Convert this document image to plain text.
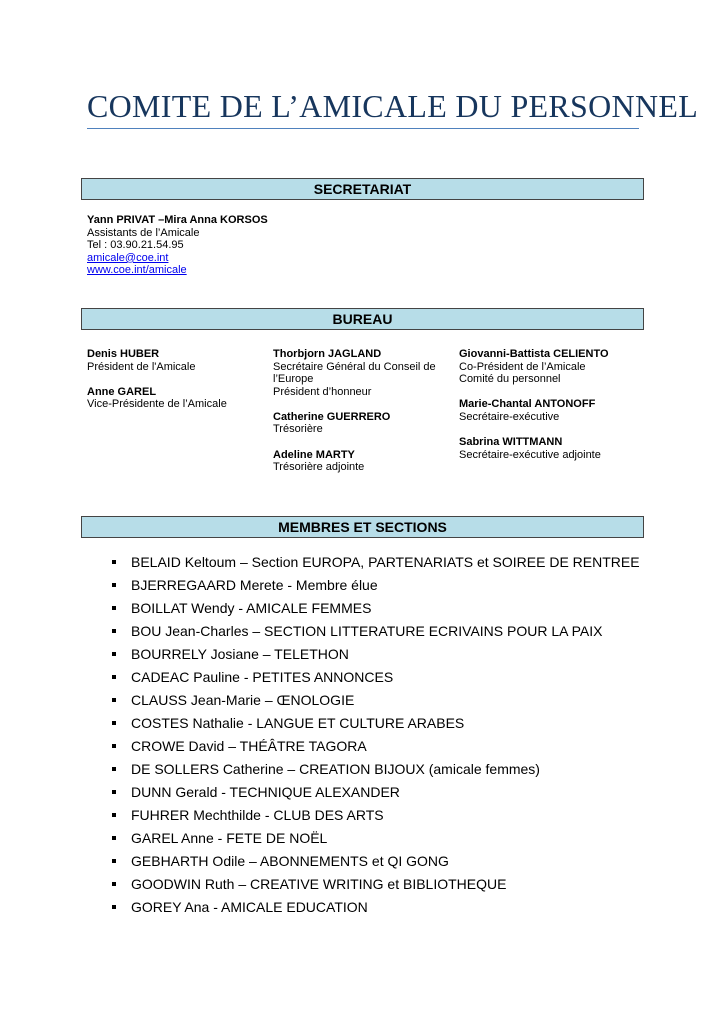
COMITE DE L’AMICALE DU PERSONNEL
SECRETARIAT
Yann PRIVAT –Mira Anna KORSOS
Assistants de l’Amicale
Tel : 03.90.21.54.95
amicale@coe.int
www.coe.int/amicale
BUREAU
Denis HUBER
Président de l'Amicale
Anne GAREL
Vice-Présidente de l’Amicale
Thorbjorn JAGLAND
Secrétaire Général du Conseil de
l’Europe
Président d’honneur
Catherine GUERRERO
Trésorière
Adeline MARTY
Trésorière adjointe
Giovanni-Battista CELIENTO
Co-Président de l’Amicale
Comité du personnel
Marie-Chantal ANTONOFF
Secrétaire-exécutive
Sabrina WITTMANN
Secrétaire-exécutive adjointe
MEMBRES ET SECTIONS
BELAID Keltoum – Section EUROPA, PARTENARIATS et SOIREE DE RENTREE
BJERREGAARD Merete - Membre élue
BOILLAT Wendy - AMICALE FEMMES
BOU Jean-Charles – SECTION LITTERATURE ECRIVAINS POUR LA PAIX
BOURRELY Josiane – TELETHON
CADEAC Pauline - PETITES ANNONCES
CLAUSS Jean-Marie – ŒNOLOGIE
COSTES Nathalie - LANGUE ET CULTURE ARABES
CROWE David – THÉÂTRE TAGORA
DE SOLLERS Catherine – CREATION BIJOUX (amicale femmes)
DUNN Gerald - TECHNIQUE ALEXANDER
FUHRER Mechthilde - CLUB DES ARTS
GAREL Anne - FETE DE NOËL
GEBHARTH Odile – ABONNEMENTS et QI GONG
GOODWIN Ruth – CREATIVE WRITING et BIBLIOTHEQUE
GOREY Ana - AMICALE EDUCATION
